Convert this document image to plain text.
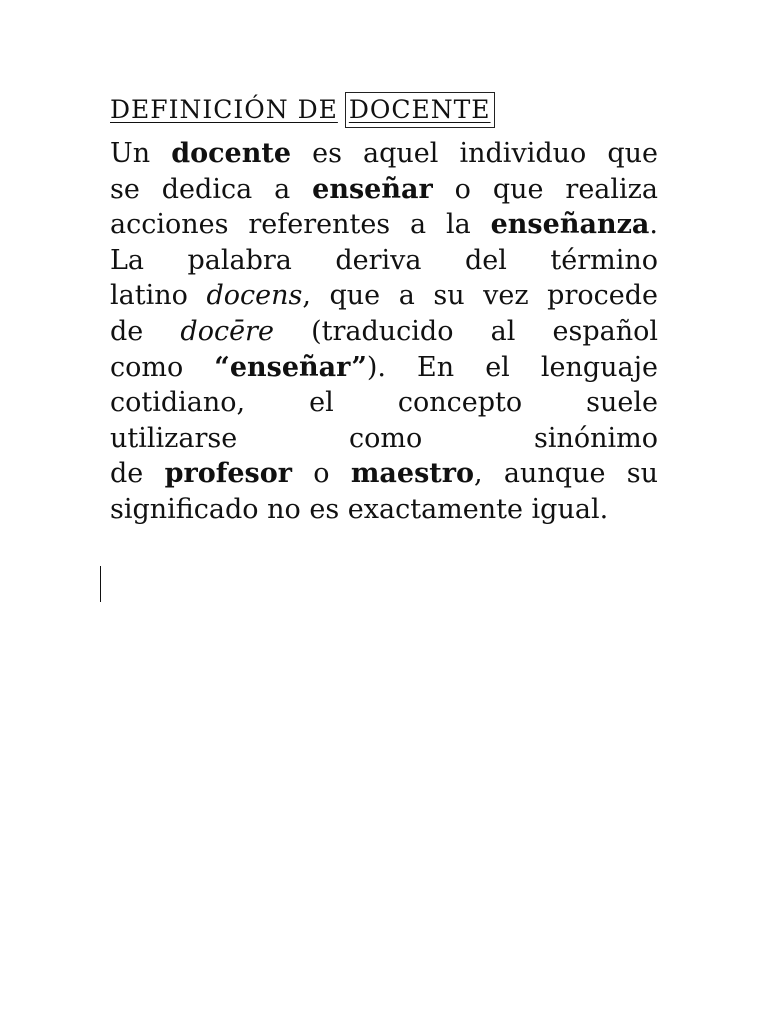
DEFINICIÓN DE DOCENTE
Un docente es aquel individuo que
se dedica a enseñar o que realiza
acciones referentes a la enseñanza.
La palabra deriva del término
latino docens, que a su vez procede
de docēre (traducido al español
como “enseñar”). En el lenguaje
cotidiano, el concepto suele
utilizarse como sinónimo
de profesor o maestro, aunque su
significado no es exactamente igual.
